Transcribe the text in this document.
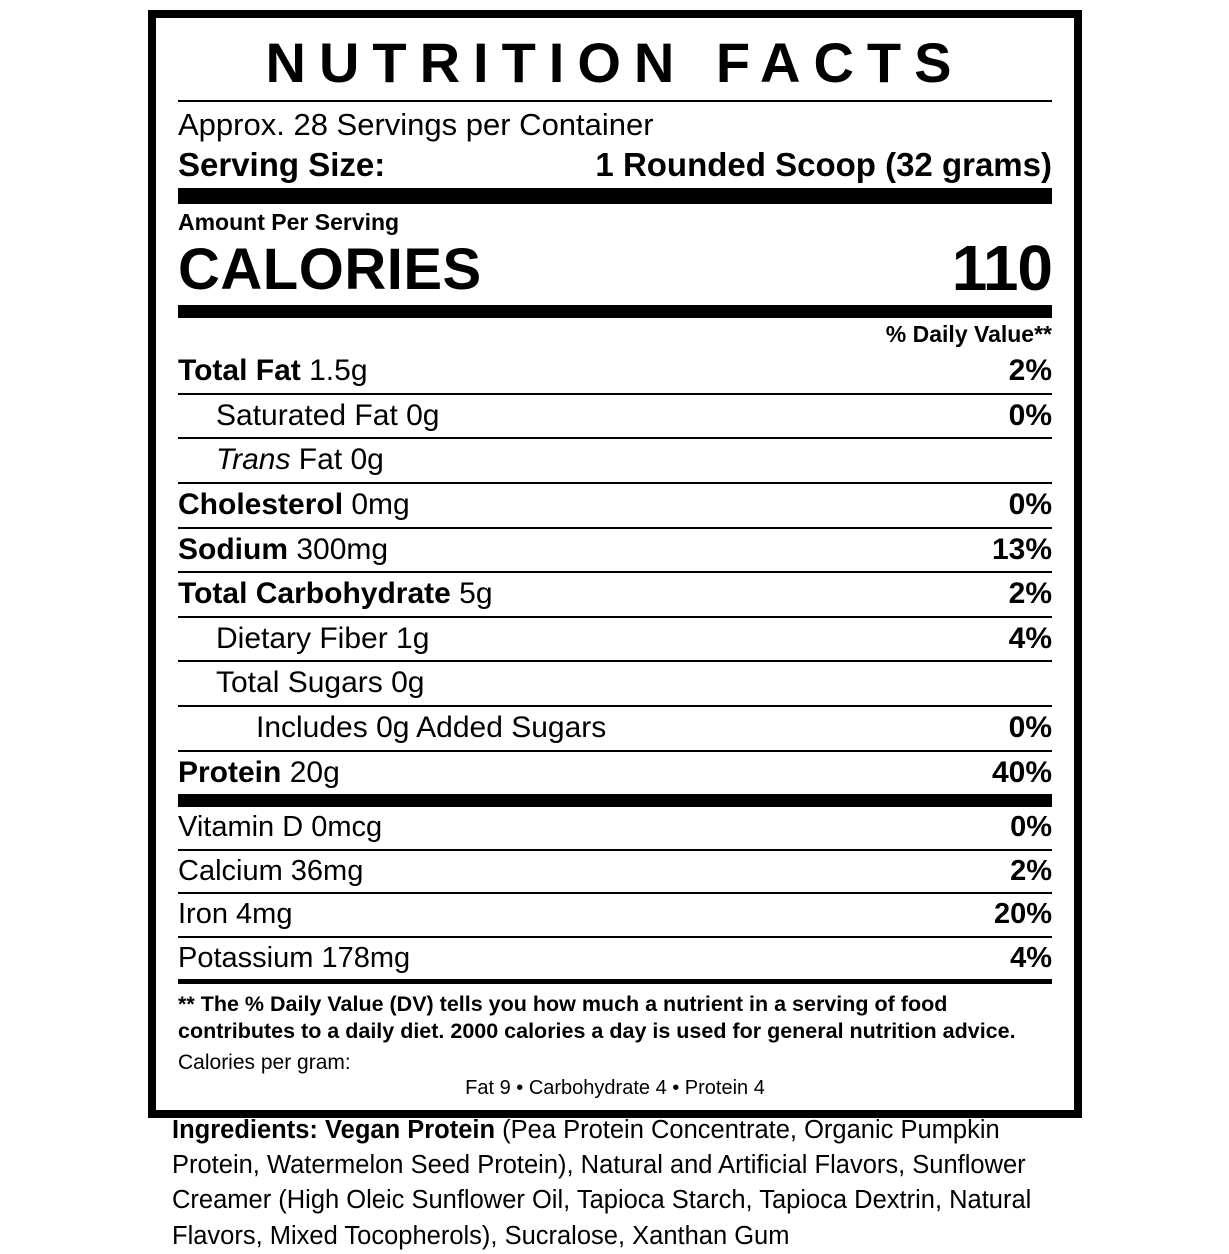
NUTRITION FACTS
Approx. 28 Servings per Container
Serving Size:	1 Rounded Scoop (32 grams)
Amount Per Serving
CALORIES	110
% Daily Value**
Total Fat 1.5g	2%
Saturated Fat 0g	0%
Trans Fat 0g
Cholesterol 0mg	0%
Sodium 300mg	13%
Total Carbohydrate 5g	2%
Dietary Fiber 1g	4%
Total Sugars 0g
Includes 0g Added Sugars	0%
Protein 20g	40%
Vitamin D 0mcg	0%
Calcium 36mg	2%
Iron 4mg	20%
Potassium 178mg	4%
** The % Daily Value (DV) tells you how much a nutrient in a serving of food contributes to a daily diet. 2000 calories a day is used for general nutrition advice.
Calories per gram:
Fat 9 • Carbohydrate 4 • Protein 4
Ingredients: Vegan Protein (Pea Protein Concentrate, Organic Pumpkin Protein, Watermelon Seed Protein), Natural and Artificial Flavors, Sunflower Creamer (High Oleic Sunflower Oil, Tapioca Starch, Tapioca Dextrin, Natural Flavors, Mixed Tocopherols), Sucralose, Xanthan Gum
